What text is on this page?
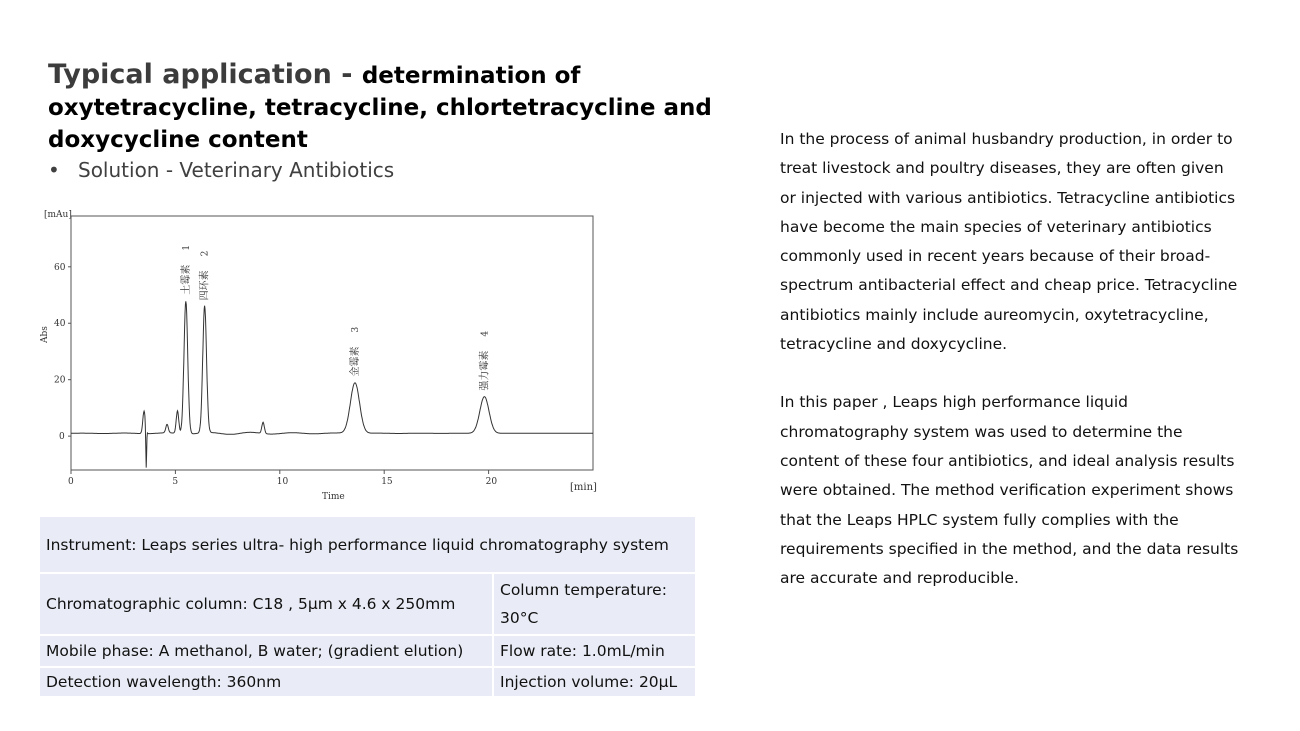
Typical application - determination of oxytetracycline, tetracycline, chlortetracycline and doxycycline content
• Solution - Veterinary Antibiotics
[mAu]
[min]
Time
Abs
0	5	10	15	20
0
20
40
60	土霉素
1
四环素
2
金霉素
3
强力霉素
4
Instrument: Leaps series ultra- high performance liquid chromatography system	
Chromatographic column: C18 , 5μm x 4.6 x 250mm	Column temperature: 30°C
Mobile phase: A methanol, B water; (gradient elution)	Flow rate: 1.0mL/min
Detection wavelength: 360nm	Injection volume: 20μL

In the process of animal husbandry production, in order to treat livestock and poultry diseases, they are often given or injected with various antibiotics. Tetracycline antibiotics have become the main species of veterinary antibiotics commonly used in recent years because of their broad-spectrum antibacterial effect and cheap price. Tetracycline antibiotics mainly include aureomycin, oxytetracycline, tetracycline and doxycycline.

In this paper , Leaps high performance liquid chromatography system was used to determine the content of these four antibiotics, and ideal analysis results were obtained. The method verification experiment shows that the Leaps HPLC system fully complies with the requirements specified in the method, and the data results are accurate and reproducible.
